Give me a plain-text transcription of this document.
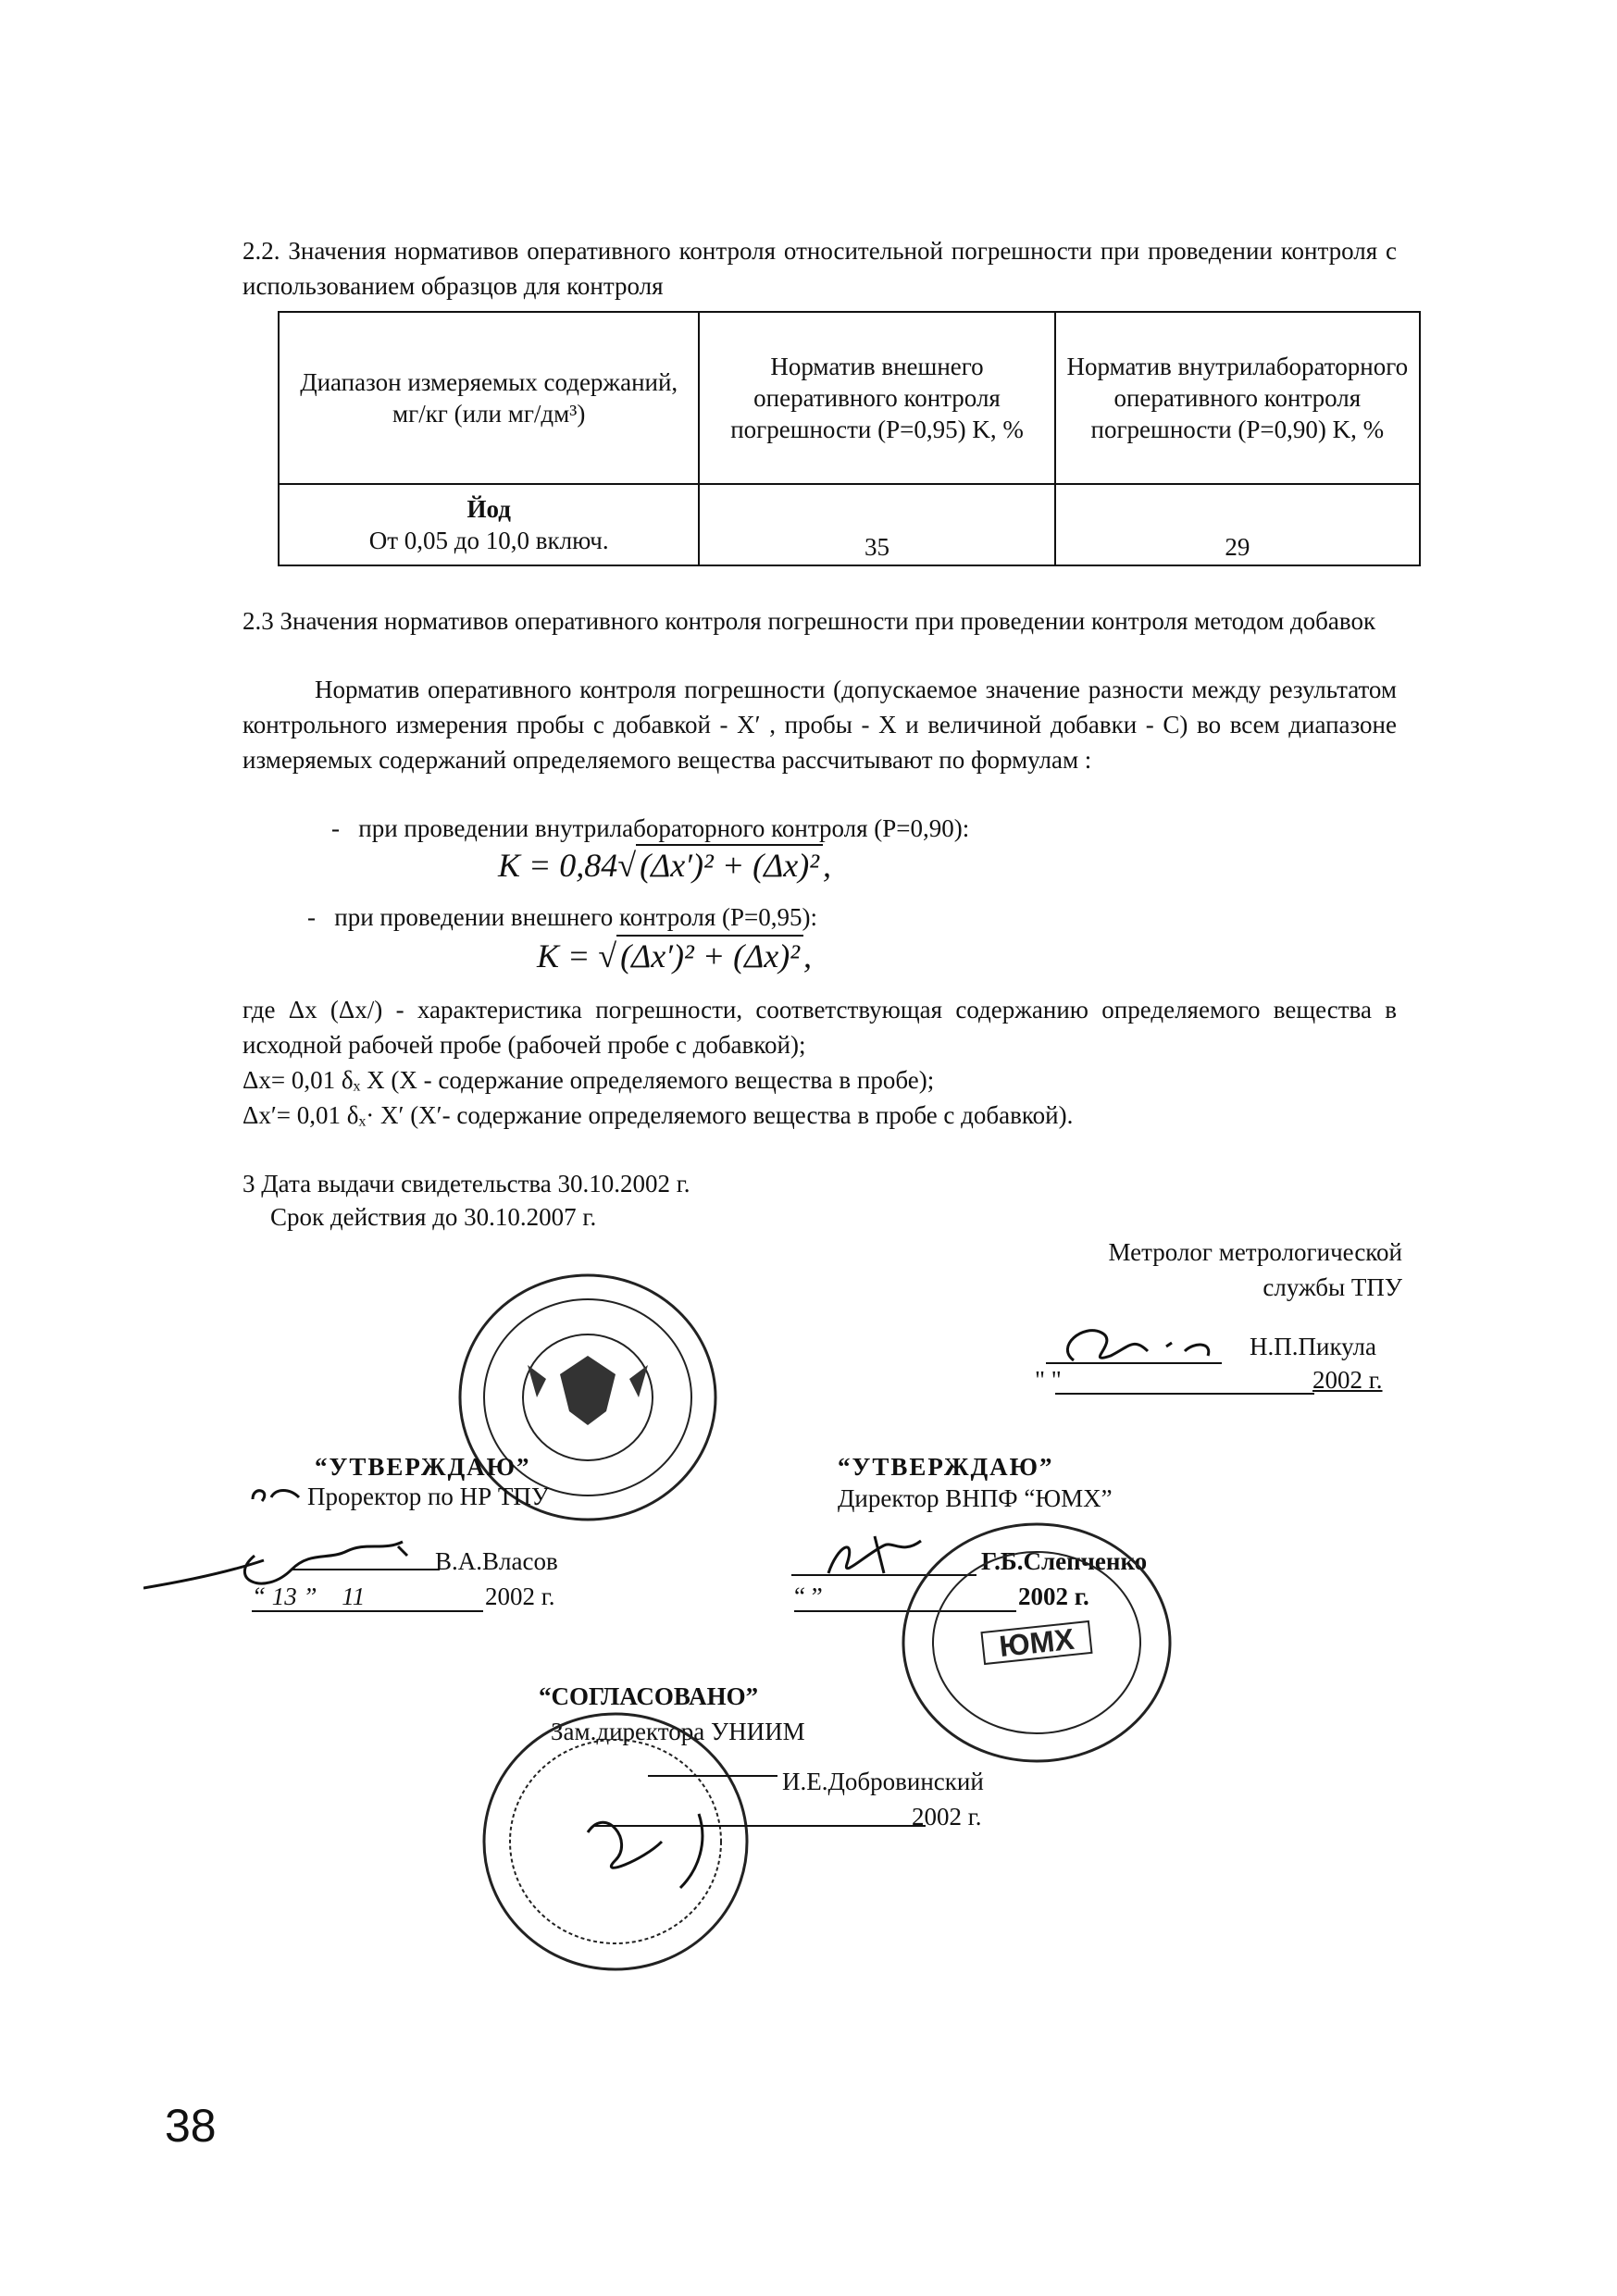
2.2. Значения нормативов оперативного контроля относительной погрешности при проведении контроля с использованием образцов для контроля
Диапазон измеряемых содержаний, мг/кг (или мг/дм³)	Норматив внешнего оперативного контроля погрешности (P=0,95) K, %	Норматив внутрилабораторного оперативного контроля погрешности (P=0,90) K, %

Йод
От 0,05 до 10,0 включ.	35	29
2.3 Значения нормативов оперативного контроля погрешности при проведении контроля методом добавок
Норматив оперативного контроля погрешности (допускаемое значение разности между результатом контрольного измерения пробы с добавкой - X′ , пробы - X и величиной добавки - С) во всем диапазоне измеряемых содержаний определяемого вещества рассчитывают по формулам :
-   при проведении внутрилабораторного контроля (P=0,90):
K = 0,84√ (Δx′)² + (Δx)² ,
-   при проведении внешнего контроля (P=0,95):
K = √ (Δx′)² + (Δx)² ,
где Δx (Δx/) - характеристика погрешности, соответствующая содержанию определяемого вещества в исходной рабочей пробе (рабочей пробе с добавкой);
Δx= 0,01 δₓ X (X - содержание определяемого вещества в пробе);
Δx′= 0,01 δₓ· X′ (X′- содержание определяемого вещества в пробе с добавкой).
3 Дата выдачи свидетельства 30.10.2002 г.
Срок действия до 30.10.2007 г.
Метролог метрологической
службы ТПУ
Н.П.Пикула
" "	2002 г.
“УТВЕРЖДАЮ”
Проректор по НР ТПУ
В.А.Власов
“ 13 ” 11	2002 г.
“УТВЕРЖДАЮ”
Директор ВНПФ “ЮМХ”
Г.Б.Слепченко
“ ”	2002 г.
ЮМХ
“СОГЛАСОВАНО”
Зам.директора УНИИМ
И.Е.Добровинский
2002 г.
38
